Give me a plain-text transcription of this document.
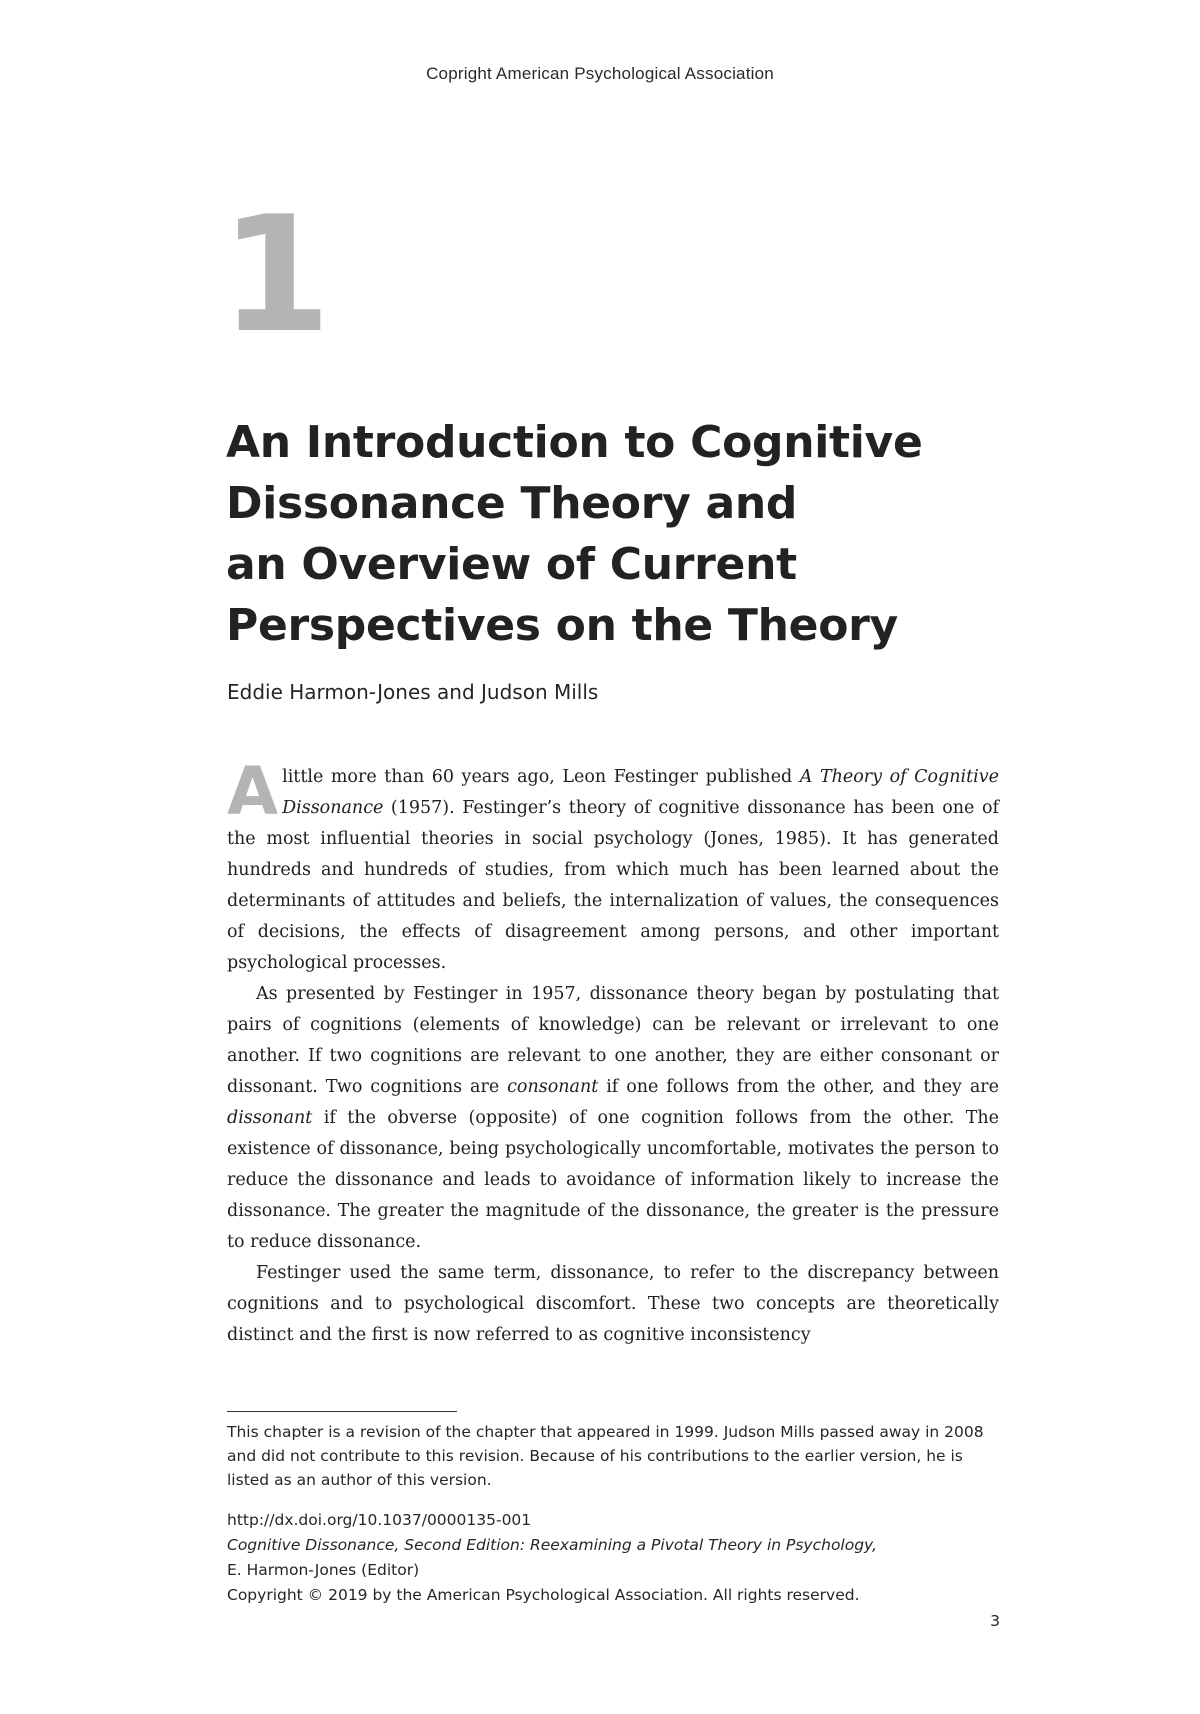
Copright American Psychological Association
1
An Introduction to Cognitive
Dissonance Theory and
an Overview of Current
Perspectives on the Theory
Eddie Harmon-Jones and Judson Mills

A little more than 60 years ago, Leon Festinger published A Theory of Cognitive Dissonance (1957). Festinger’s theory of cognitive dissonance has been one of the most influential theories in social psychology (Jones, 1985). It has generated hundreds and hundreds of studies, from which much has been learned about the determinants of attitudes and beliefs, the internalization of values, the consequences of decisions, the effects of disagreement among persons, and other important psychological processes.

As presented by Festinger in 1957, dissonance theory began by postulating that pairs of cognitions (elements of knowledge) can be relevant or irrelevant to one another. If two cognitions are relevant to one another, they are either consonant or dissonant. Two cognitions are consonant if one follows from the other, and they are dissonant if the obverse (opposite) of one cognition follows from the other. The existence of dissonance, being psychologically uncomfortable, motivates the person to reduce the dissonance and leads to avoidance of information likely to increase the dissonance. The greater the magnitude of the dissonance, the greater is the pressure to reduce dissonance.

Festinger used the same term, dissonance, to refer to the discrepancy between cognitions and to psychological discomfort. These two concepts are theoretically distinct and the first is now referred to as cognitive inconsistency

This chapter is a revision of the chapter that appeared in 1999. Judson Mills passed away in 2008 and did not contribute to this revision. Because of his contributions to the earlier version, he is listed as an author of this version.
http://dx.doi.org/10.1037/0000135-001
Cognitive Dissonance, Second Edition: Reexamining a Pivotal Theory in Psychology,
E. Harmon-Jones (Editor)
Copyright © 2019 by the American Psychological Association. All rights reserved.
3
